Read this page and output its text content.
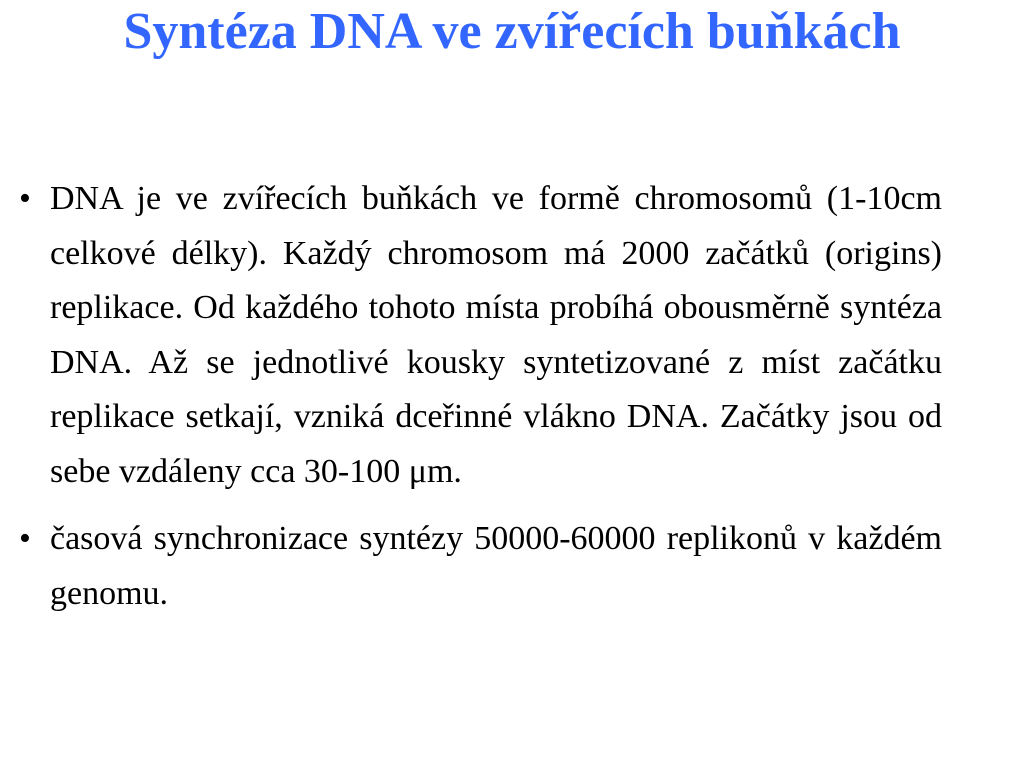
Syntéza DNA ve zvířecích buňkách
• DNA je ve zvířecích buňkách ve formě chromosomů (1-10cm celkové délky). Každý chromosom má 2000 začátků (origins) replikace. Od každého tohoto místa probíhá obousměrně syntéza DNA. Až se jednotlivé kousky syntetizované z míst začátku replikace setkají, vzniká dceřinné vlákno DNA. Začátky jsou od sebe vzdáleny cca 30-100 μm.
• časová synchronizace syntézy 50000-60000 replikonů v každém genomu.
